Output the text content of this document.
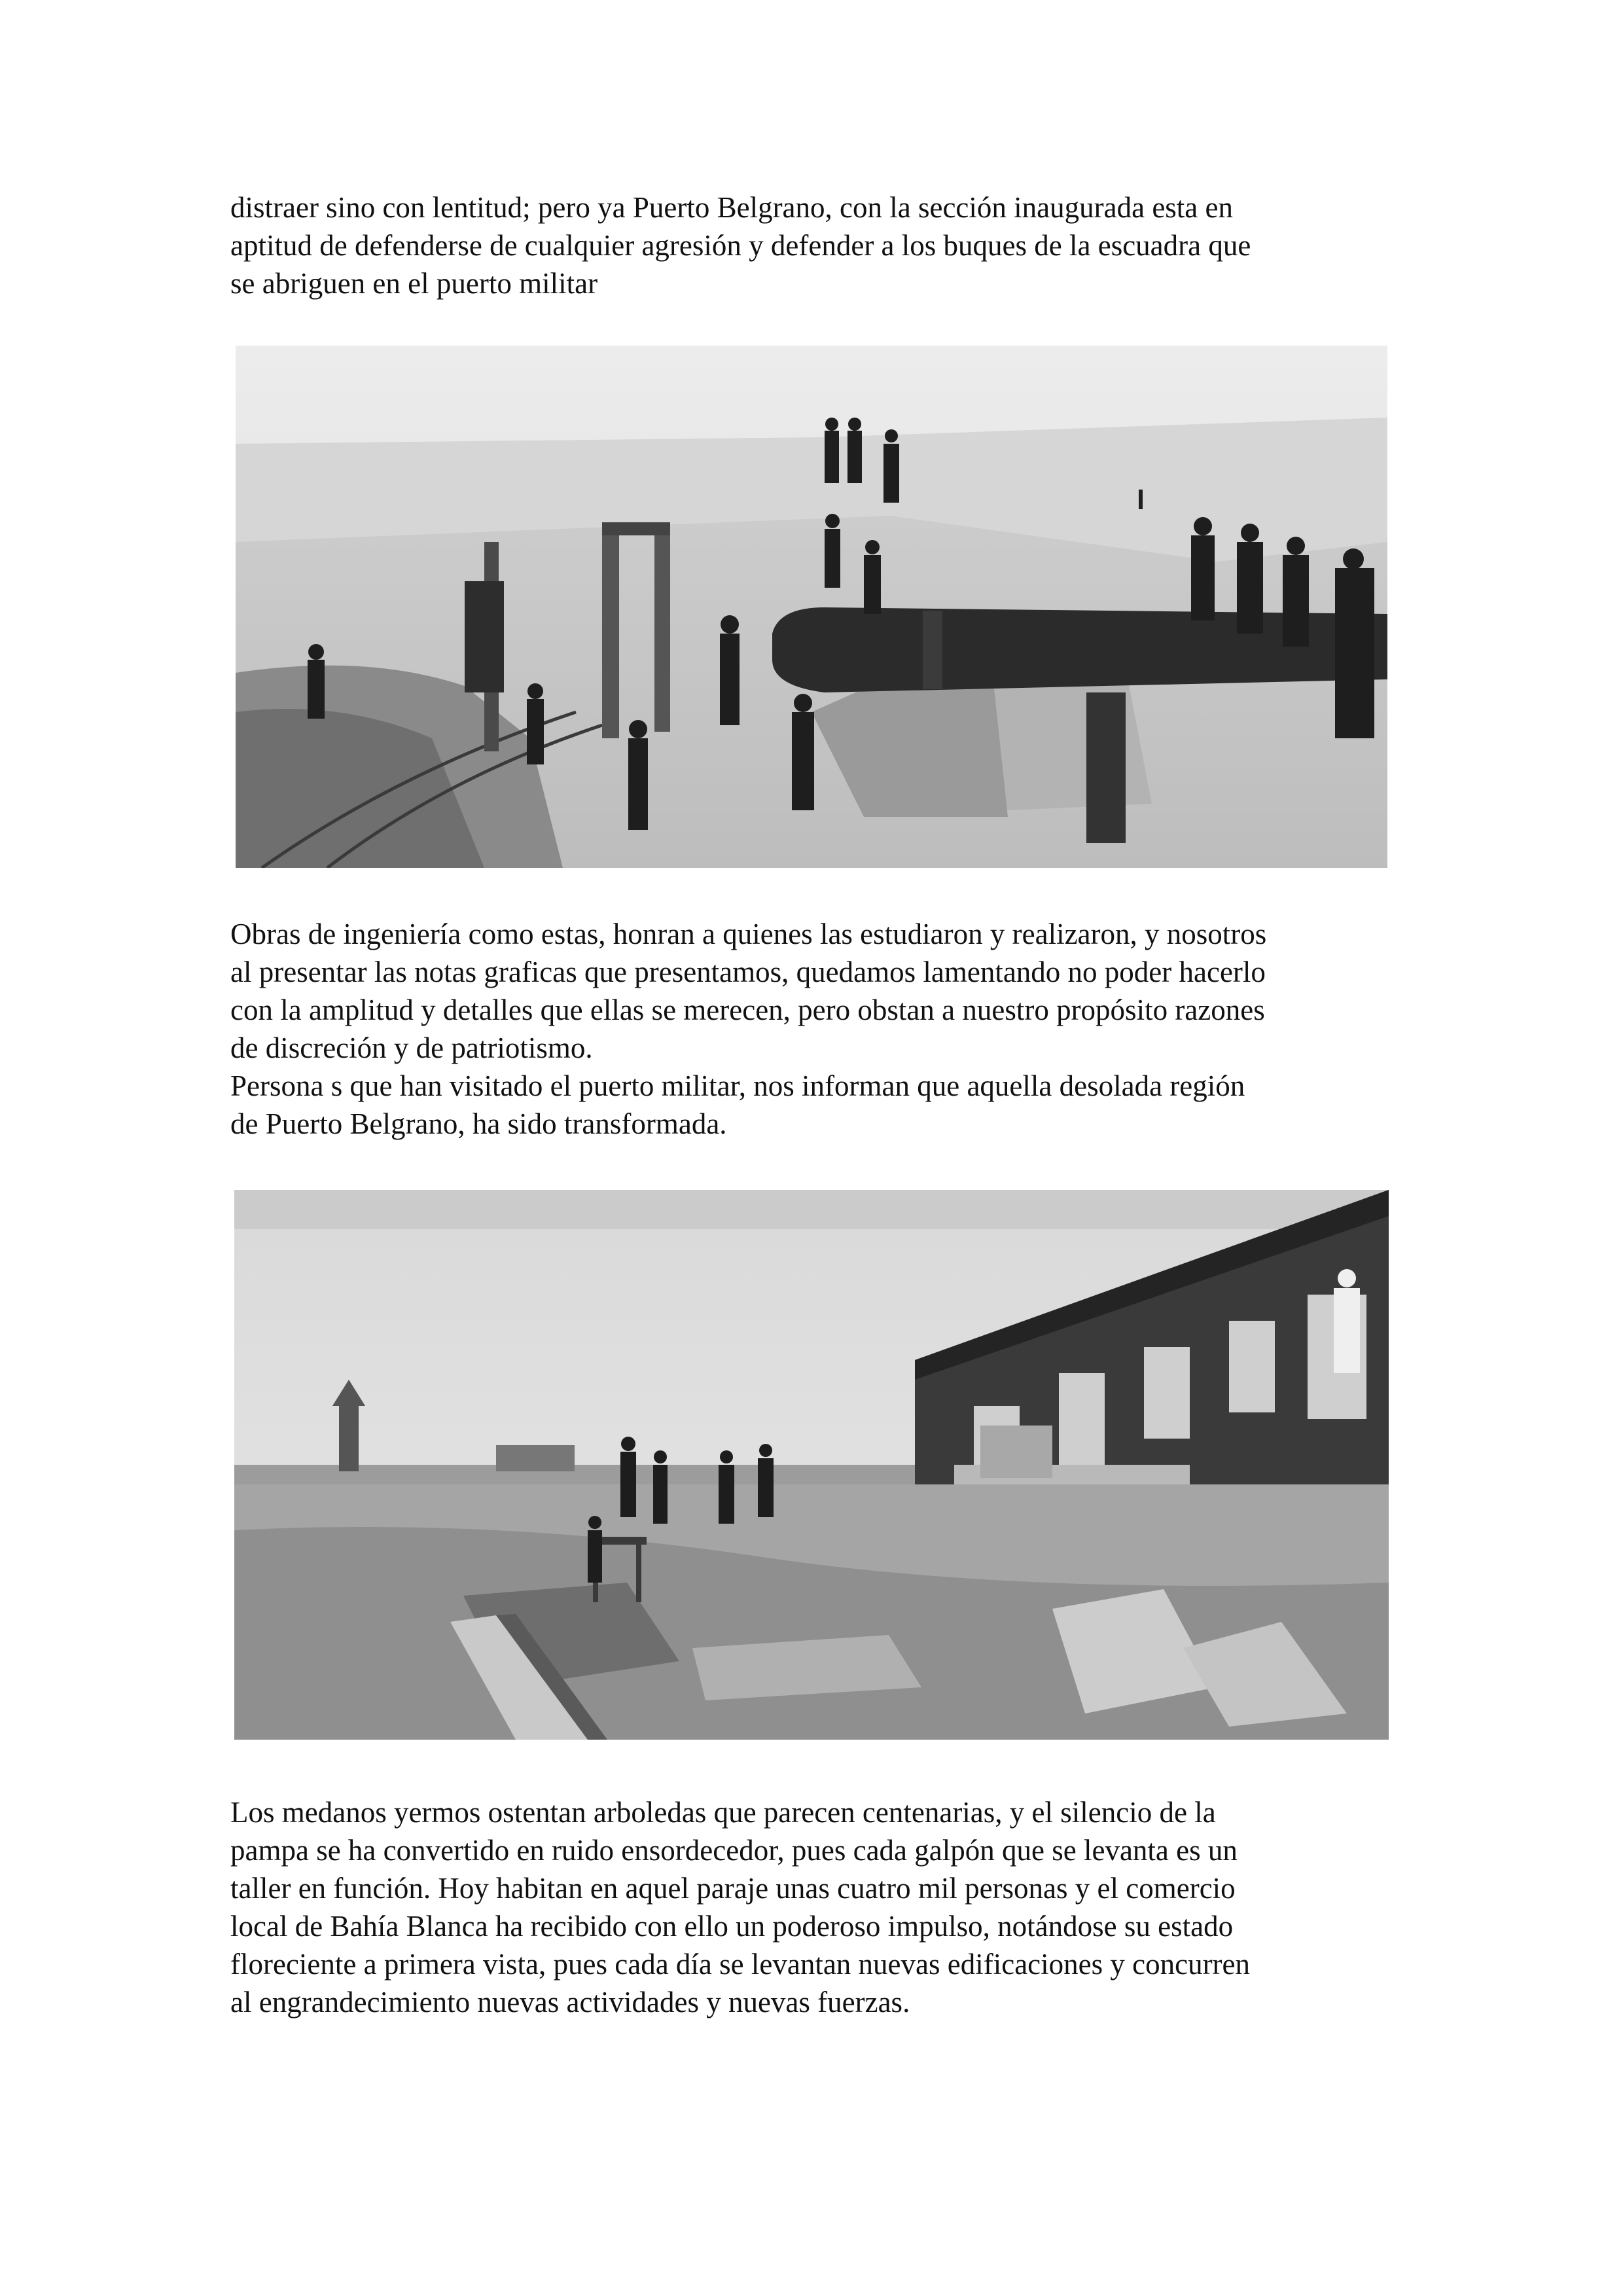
distraer sino con lentitud; pero ya Puerto Belgrano, con la sección inaugurada esta en
aptitud de defenderse de cualquier agresión y defender a los buques de la escuadra que
se abriguen en el puerto militar

Obras de ingeniería como estas, honran a quienes las estudiaron y realizaron, y nosotros
al presentar las notas graficas que presentamos, quedamos lamentando no poder hacerlo
con la amplitud y detalles que ellas se merecen, pero obstan a nuestro propósito razones
de discreción y de patriotismo.
Persona s que han visitado el puerto militar, nos informan que aquella desolada región
de Puerto Belgrano, ha sido transformada.

Los medanos yermos ostentan arboledas que parecen centenarias, y el silencio de la
pampa se ha convertido en ruido ensordecedor, pues cada galpón que se levanta es un
taller en función. Hoy habitan en aquel paraje unas cuatro mil personas y el comercio
local de Bahía Blanca ha recibido con ello un poderoso impulso, notándose su estado
floreciente a primera vista, pues cada día se levantan nuevas edificaciones y concurren
al engrandecimiento nuevas actividades y nuevas fuerzas.
